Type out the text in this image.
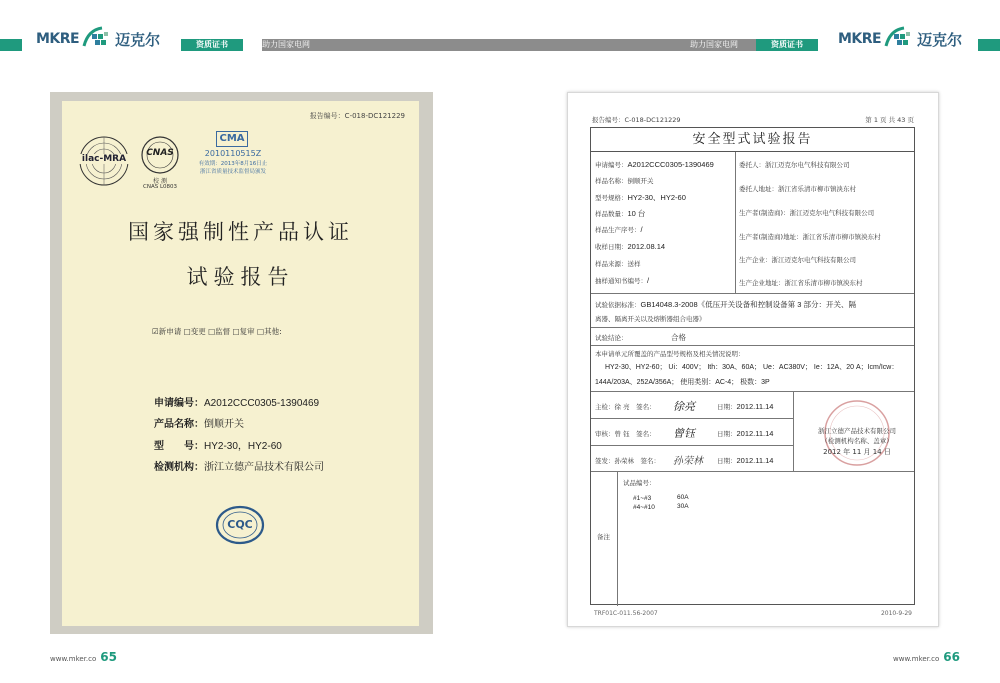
MKRE 迈克尔	资质证书	助力国家电网	助力国家电网	资质证书	MKRE 迈克尔
报告编号：C-018-DC121229
ilac-MRA
CNAS
校 测
CNAS L0803
CMA
2010110515Z
有效期：2013年8月16日止
浙江省质量技术监督局颁发
国家强制性产品认证
试验报告
☑新申请 □变更 □监督 □复审 □其他:
申请编号：A2012CCC0305-1390469
产品名称：倒顺开关
型　　号：HY2-30，HY2-60
检测机构：浙江立德产品技术有限公司
CQC
报告编号：C-018-DC121229	第 1 页 共 43 页
安全型式试验报告
申请编号：A2012CCC0305-1390469
样品名称：倒顺开关
型号规格：HY2-30、HY2-60
样品数量：10 台
样品生产序号：/
收样日期：2012.08.14
样品来源：送样
抽样通知书编号：/
委托人：浙江迈克尔电气科技有限公司
委托人地址：浙江省乐清市柳市镇泱东村
生产者(制造商)：浙江迈克尔电气科技有限公司
生产者(制造商)地址：浙江省乐清市柳市镇泱东村
生产企业：浙江迈克尔电气科技有限公司
生产企业地址：浙江省乐清市柳市镇泱东村
试验依据标准：GB14048.3-2008《低压开关设备和控制设备第 3 部分：开关、隔
离器、隔离开关以及熔断器组合电器》
试验结论：	合格
本申请单元所覆盖的产品型号规格及相关情况说明：
HY2-30、HY2-60； Ui：400V； Ith：30A、60A； Ue：AC380V； Ie：12A、20 A；Icm/Icw：
144A/203A、252A/356A； 使用类别：AC-4； 极数：3P
主检：徐 亮　签名： 徐亮	日期：2012.11.14
审核：曾 钰　签名： 曾钰	日期：2012.11.14
签发：孙荣林　签名： 孙荣林 日期：2012.11.14
浙江立德产品技术有限公司
（检测机构名称、盖章）
2012 年 11 月 14 日
备注
试品编号：
#1~#3	60A
#4~#10	30A
TRF01C-011.56-2007	2010-9-29
www.mker.co 65	www.mker.co 66
